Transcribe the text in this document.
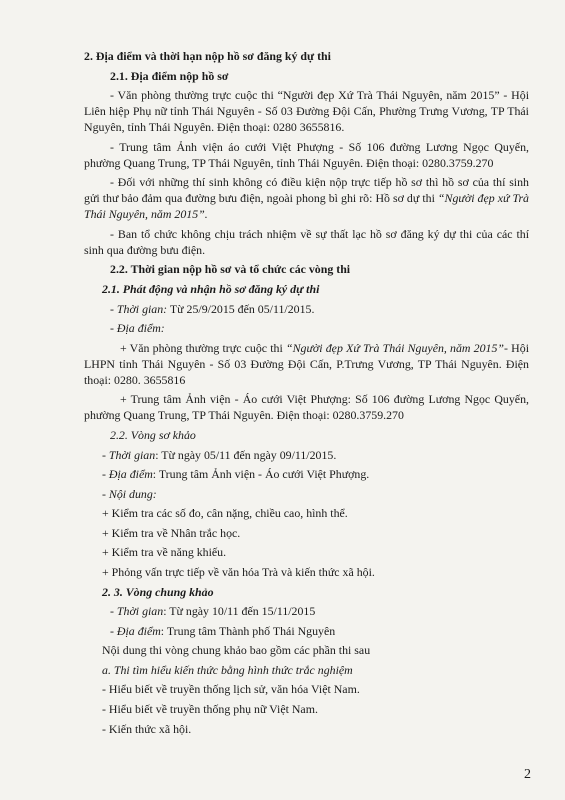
2. Địa điểm và thời hạn nộp hồ sơ đăng ký dự thi

2.1. Địa điểm nộp hồ sơ

- Văn phòng thường trực cuộc thi “Người đẹp Xứ Trà Thái Nguyên, năm 2015” - Hội Liên hiệp Phụ nữ tỉnh Thái Nguyên - Số 03 Đường Đội Cấn, Phường Trưng Vương, TP Thái Nguyên, tỉnh Thái Nguyên. Điện thoại: 0280 3655816.

- Trung tâm Ảnh viện áo cưới Việt Phượng - Số 106 đường Lương Ngọc Quyến, phường Quang Trung, TP Thái Nguyên, tỉnh Thái Nguyên. Điện thoại: 0280.3759.270

- Đối với những thí sinh không có điều kiện nộp trực tiếp hồ sơ thì hồ sơ của thí sinh gửi thư bảo đảm qua đường bưu điện, ngoài phong bì ghi rõ: Hồ sơ dự thi “Người đẹp xứ Trà Thái Nguyên, năm 2015”.

- Ban tổ chức không chịu trách nhiệm về sự thất lạc hồ sơ đăng ký dự thi của các thí sinh qua đường bưu điện.

2.2. Thời gian nộp hồ sơ và tổ chức các vòng thi

2.1. Phát động và nhận hồ sơ đăng ký dự thi

- Thời gian: Từ 25/9/2015 đến 05/11/2015.

- Địa điểm:

+ Văn phòng thường trực cuộc thi “Người đẹp Xứ Trà Thái Nguyên, năm 2015”- Hội LHPN tỉnh Thái Nguyên - Số 03 Đường Đội Cấn, P.Trưng Vương, TP Thái Nguyên. Điện thoại: 0280. 3655816

+ Trung tâm Ảnh viện - Áo cưới Việt Phượng: Số 106 đường Lương Ngọc Quyến, phường Quang Trung, TP Thái Nguyên. Điện thoại: 0280.3759.270

2.2. Vòng sơ khảo

- Thời gian: Từ ngày 05/11 đến ngày 09/11/2015.

- Địa điểm: Trung tâm Ảnh viện - Áo cưới Việt Phượng.

- Nội dung:

+ Kiểm tra các số đo, cân nặng, chiều cao, hình thể.

+ Kiểm tra về Nhân trắc học.

+ Kiểm tra về năng khiếu.

+ Phỏng vấn trực tiếp về văn hóa Trà và kiến thức xã hội.

2. 3. Vòng chung khảo

- Thời gian: Từ ngày 10/11 đến 15/11/2015

- Địa điểm: Trung tâm Thành phố Thái Nguyên

Nội dung thi vòng chung khảo bao gồm các phần thi sau

a. Thi tìm hiểu kiến thức bằng hình thức trắc nghiệm

- Hiểu biết về truyền thống lịch sử, văn hóa Việt Nam.

- Hiểu biết về truyền thống phụ nữ Việt Nam.

- Kiến thức xã hội.

2
